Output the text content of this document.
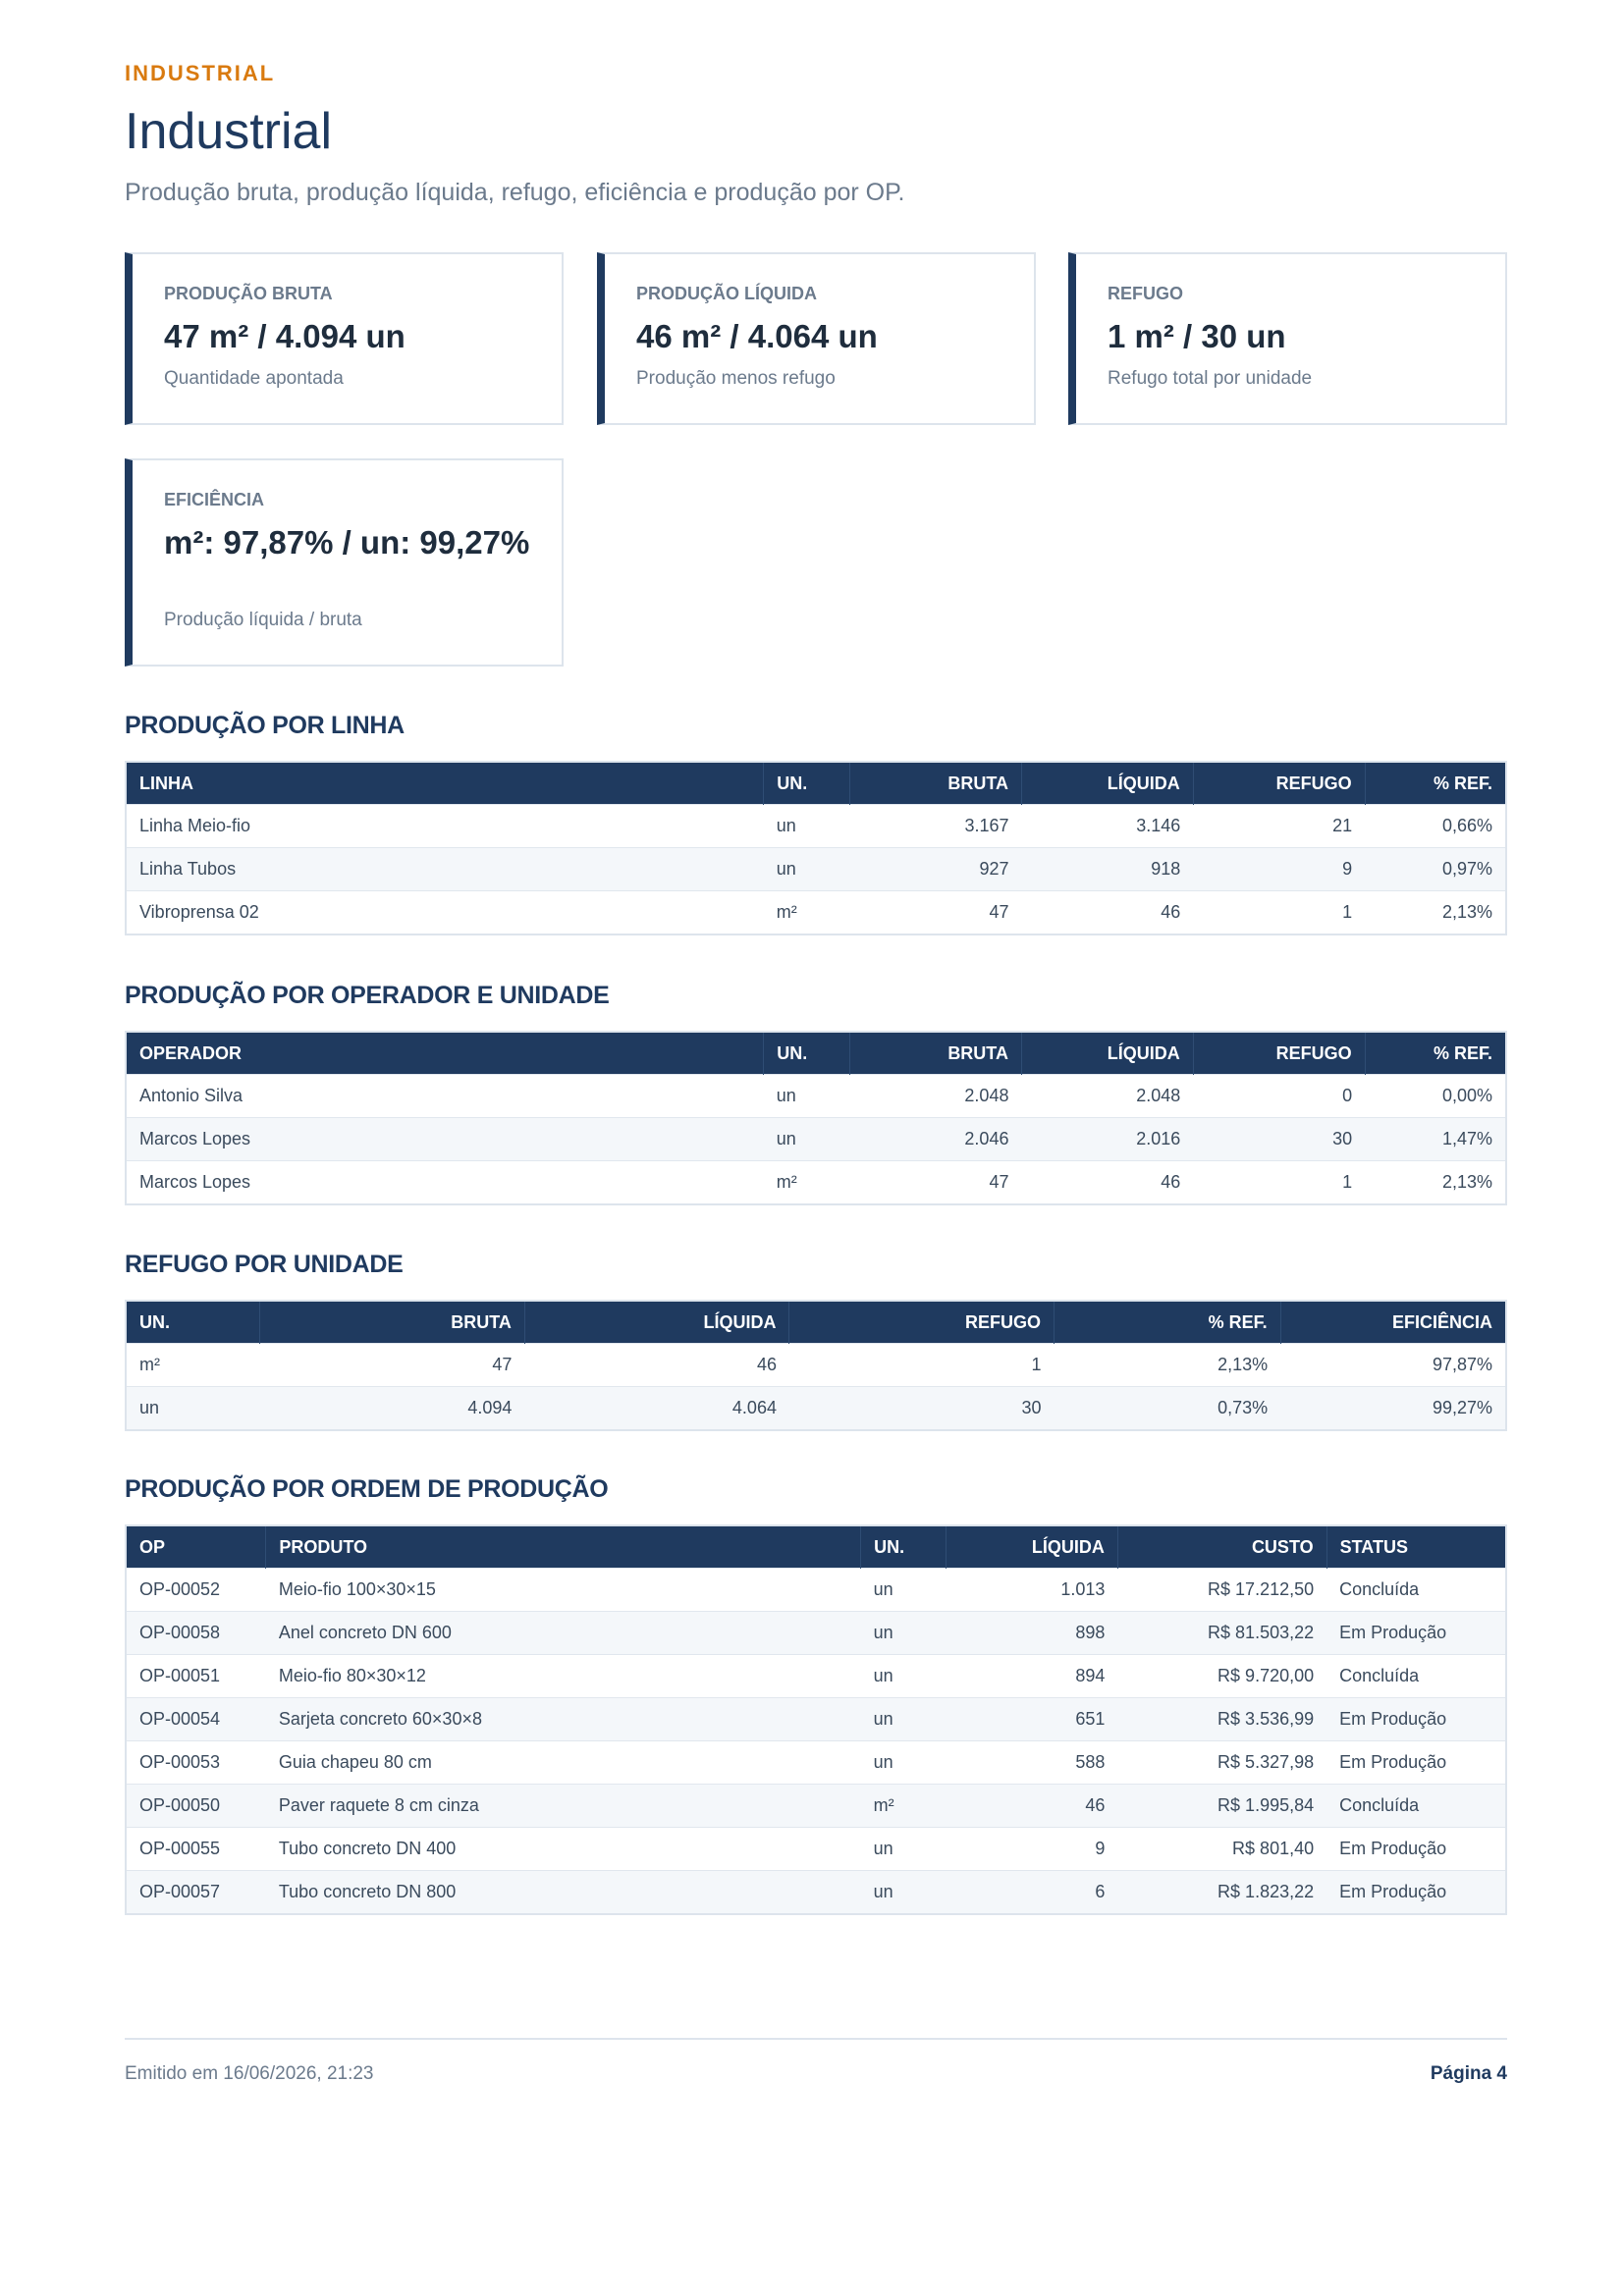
INDUSTRIAL
Industrial
Produção bruta, produção líquida, refugo, eficiência e produção por OP.
PRODUÇÃO BRUTA
47 m² / 4.094 un
Quantidade apontada
PRODUÇÃO LÍQUIDA
46 m² / 4.064 un
Produção menos refugo
REFUGO
1 m² / 30 un
Refugo total por unidade
EFICIÊNCIA
m²: 97,87% / un: 99,27%
Produção líquida / bruta
PRODUÇÃO POR LINHA
LINHA	UN.	BRUTA	LÍQUIDA	REFUGO	% REF.
Linha Meio-fio	un	3.167	3.146	21	0,66%
Linha Tubos	un	927	918	9	0,97%
Vibroprensa 02	m²	47	46	1	2,13%
PRODUÇÃO POR OPERADOR E UNIDADE
OPERADOR	UN.	BRUTA	LÍQUIDA	REFUGO	% REF.
Antonio Silva	un	2.048	2.048	0	0,00%
Marcos Lopes	un	2.046	2.016	30	1,47%
Marcos Lopes	m²	47	46	1	2,13%
REFUGO POR UNIDADE
UN.	BRUTA	LÍQUIDA	REFUGO	% REF.	EFICIÊNCIA
m²	47	46	1	2,13%	97,87%
un	4.094	4.064	30	0,73%	99,27%
PRODUÇÃO POR ORDEM DE PRODUÇÃO
OP	PRODUTO	UN.	LÍQUIDA	CUSTO	STATUS
OP-00052	Meio-fio 100×30×15	un	1.013	R$ 17.212,50	Concluída
OP-00058	Anel concreto DN 600	un	898	R$ 81.503,22	Em Produção
OP-00051	Meio-fio 80×30×12	un	894	R$ 9.720,00	Concluída
OP-00054	Sarjeta concreto 60×30×8	un	651	R$ 3.536,99	Em Produção
OP-00053	Guia chapeu 80 cm	un	588	R$ 5.327,98	Em Produção
OP-00050	Paver raquete 8 cm cinza	m²	46	R$ 1.995,84	Concluída
OP-00055	Tubo concreto DN 400	un	9	R$ 801,40	Em Produção
OP-00057	Tubo concreto DN 800	un	6	R$ 1.823,22	Em Produção
Emitido em 16/06/2026, 21:23	Página 4
